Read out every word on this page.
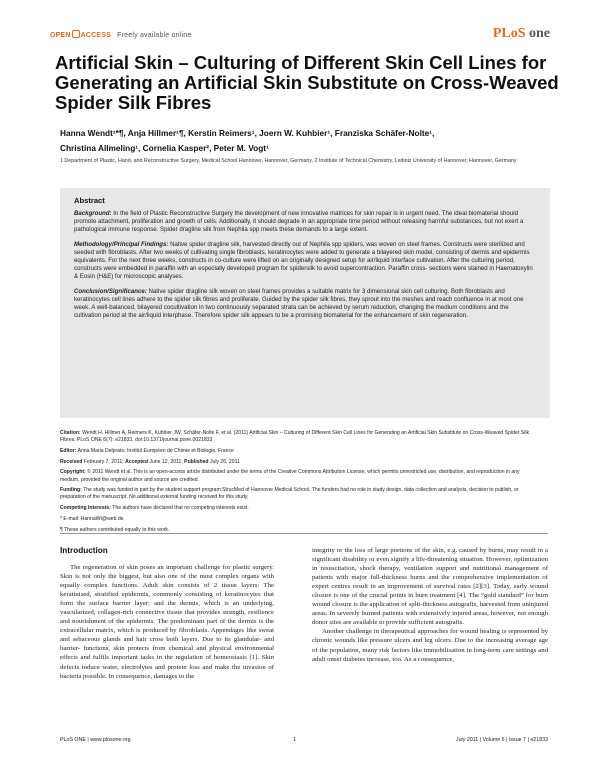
OPEN ACCESS Freely available online	PLoS one
Artificial Skin – Culturing of Different Skin Cell Lines for Generating an Artificial Skin Substitute on Cross-Weaved Spider Silk Fibres
Hanna Wendt¹*¶, Anja Hillmer¹¶, Kerstin Reimers¹, Joern W. Kuhbier¹, Franziska Schäfer-Nolte¹,
Christina Allmeling¹, Cornelia Kasper², Peter M. Vogt¹
1 Department of Plastic, Hand, and Reconstructive Surgery, Medical School Hannover, Hannover, Germany, 2 Institute of Technical Chemistry, Leibniz University of Hannover, Hannover, Germany
Abstract

Background: In the field of Plastic Reconstructive Surgery the development of new innovative matrices for skin repair is in urgent need. The ideal biomaterial should promote attachment, proliferation and growth of cells. Additionally, it should degrade in an appropriate time period without releasing harmful substances, but not exert a pathological immune response. Spider dragline silk from Nephila spp meets these demands to a large extent.

Methodology/Principal Findings: Native spider dragline silk, harvested directly out of Nephila spp spiders, was woven on steel frames. Constructs were sterilized and seeded with fibroblasts. After two weeks of cultivating single fibroblasts, keratinocytes were added to generate a bilayered skin model, consisting of dermis and epidermis equivalents. For the next three weeks, constructs in co-culture were lifted on an originally designed setup for air/liquid interface cultivation. After the culturing period, constructs were embedded in paraffin with an especially developed program for spidersilk to avoid supercontraction. Paraffin cross- sections were stained in Haematoxylin & Eosin (H&E) for microscopic analyses.

Conclusion/Significance: Native spider dragline silk woven on steel frames provides a suitable matrix for 3 dimensional skin cell culturing. Both fibroblasts and keratinocytes cell lines adhere to the spider silk fibres and proliferate. Guided by the spider silk fibres, they sprout into the meshes and reach confluence in at most one week. A well-balanced, bilayered cocultivation in two continuously separated strata can be achieved by serum reduction, changing the medium conditions and the cultivation period at the air/liquid interphase. Therefore spider silk appears to be a promising biomaterial for the enhancement of skin regeneration.

Citation: Wendt H, Hillmer A, Reimers K, Kuhbier JW, Schäfer-Nolte F, et al. (2011) Artificial Skin – Culturing of Different Skin Cell Lines for Generating an Artificial Skin Substitute on Cross-Weaved Spider Silk Fibres. PLoS ONE 6(7): e21833. doi:10.1371/journal.pone.0021833

Editor: Anna Maria Delprato, Institut Européen de Chimie et Biologie, France

Received February 7, 2011; Accepted June 12, 2011; Published July 26, 2011

Copyright: © 2011 Wendt et al. This is an open-access article distributed under the terms of the Creative Commons Attribution License, which permits unrestricted use, distribution, and reproduction in any medium, provided the original author and source are credited.

Funding: The study was funded in part by the student support program StrucMed of Hannover Medical School. The funders had no role in study design, data collection and analysis, decision to publish, or preparation of the manuscript. No additional external funding received for this study.

Competing Interests: The authors have declared that no competing interests exist.

* E-mail: HannaWt@web.de

¶ These authors contributed equally to this work.

Introduction

The regeneration of skin poses an important challenge for plastic surgery. Skin is not only the biggest, but also one of the most complex organs with equally complex functions. Adult skin consists of 2 tissue layers: The keratinised, stratified epidermis, commonly consisting of keratinocytes that form the surface barrier layer; and the dermis, which is an underlying, vascularized, collagen-rich connective tissue that provides strength, resilience and nourishment of the epidermis. The predominant part of the dermis is the extracellular matrix, which is produced by fibroblasts. Appendages like sweat and sebaceous glands and hair cross both layers. Due to its glandular- and barrier- functions, skin protects from chemical and physical environmental effects and fulfils important tasks in the regulation of homeostasis [1]. Skin defects induce water, electrolytes and protein loss and make the invasion of bacteria possible. In consequence, damages to the

integrity or the loss of large portions of the skin, e.g. caused by burns, may result in a significant disability or even signify a life-threatening situation. However, optimization in resuscitation, shock therapy, ventilation support and nutritional management of patients with major full-thickness burns and the comprehensive implementation of expert centres result in an improvement of survival rates [2][3]. Today, early wound closure is one of the crucial points in burn treatment [4]. The “gold standard” for burn wound closure is the application of split-thickness autografts, harvested from uninjured areas. In severely burned patients with extensively injured areas, however, not enough donor sites are available to provide sufficient autografts.

Another challenge in therapeutical approaches for wound healing is represented by chronic wounds like pressure ulcers and leg ulcers. Due to the increasing average age of the population, many risk factors like immobilisation in long-term care settings and adult onset diabetes increase, too. As a consequence,

PLoS ONE | www.plosone.org	1	July 2011 | Volume 6 | Issue 7 | e21833
